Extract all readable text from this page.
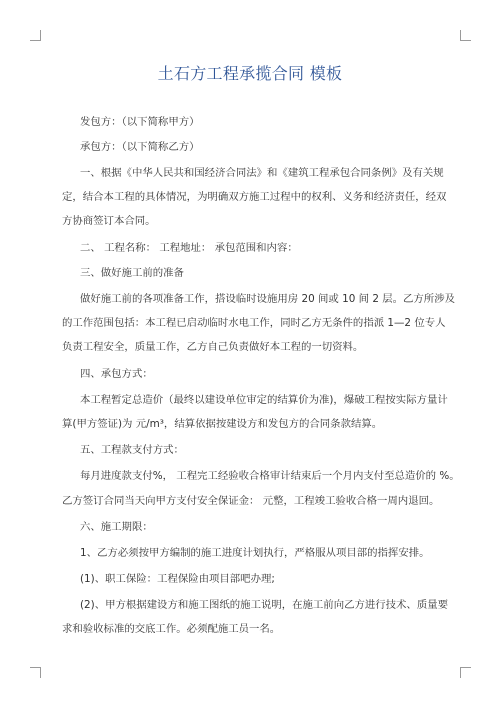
土石方工程承揽合同 模板
发包方：（以下简称甲方）
承包方：（以下简称乙方）
一、根据《中华人民共和国经济合同法》和《建筑工程承包合同条例》及有关规
定，结合本工程的具体情况，为明确双方施工过程中的权利、义务和经济责任，经双
方协商签订本合同。
二、 工程名称： 工程地址： 承包范围和内容：
三、做好施工前的准备
做好施工前的各项准备工作，搭设临时设施用房 20 间或 10 间 2 层。乙方所涉及
的工作范围包括：本工程已启动临时水电工作，同时乙方无条件的指派 1—2 位专人
负责工程安全，质量工作，乙方自己负责做好本工程的一切资料。
四、承包方式：
本工程暂定总造价（最终以建设单位审定的结算价为准)，爆破工程按实际方量计
算(甲方签证)为 元/m³，结算依据按建设方和发包方的合同条款结算。
五、工程款支付方式：
每月进度款支付%， 工程完工经验收合格审计结束后一个月内支付至总造价的 %。
乙方签订合同当天向甲方支付安全保证金： 元整，工程竣工验收合格一周内退回。
六、施工期限：
1、乙方必须按甲方编制的施工进度计划执行，严格服从项目部的指挥安排。
(1)、职工保险：工程保险由项目部吧办理;
(2)、甲方根据建设方和施工图纸的施工说明，在施工前向乙方进行技术、质量要
求和验收标准的交底工作。必须配施工员一名。
